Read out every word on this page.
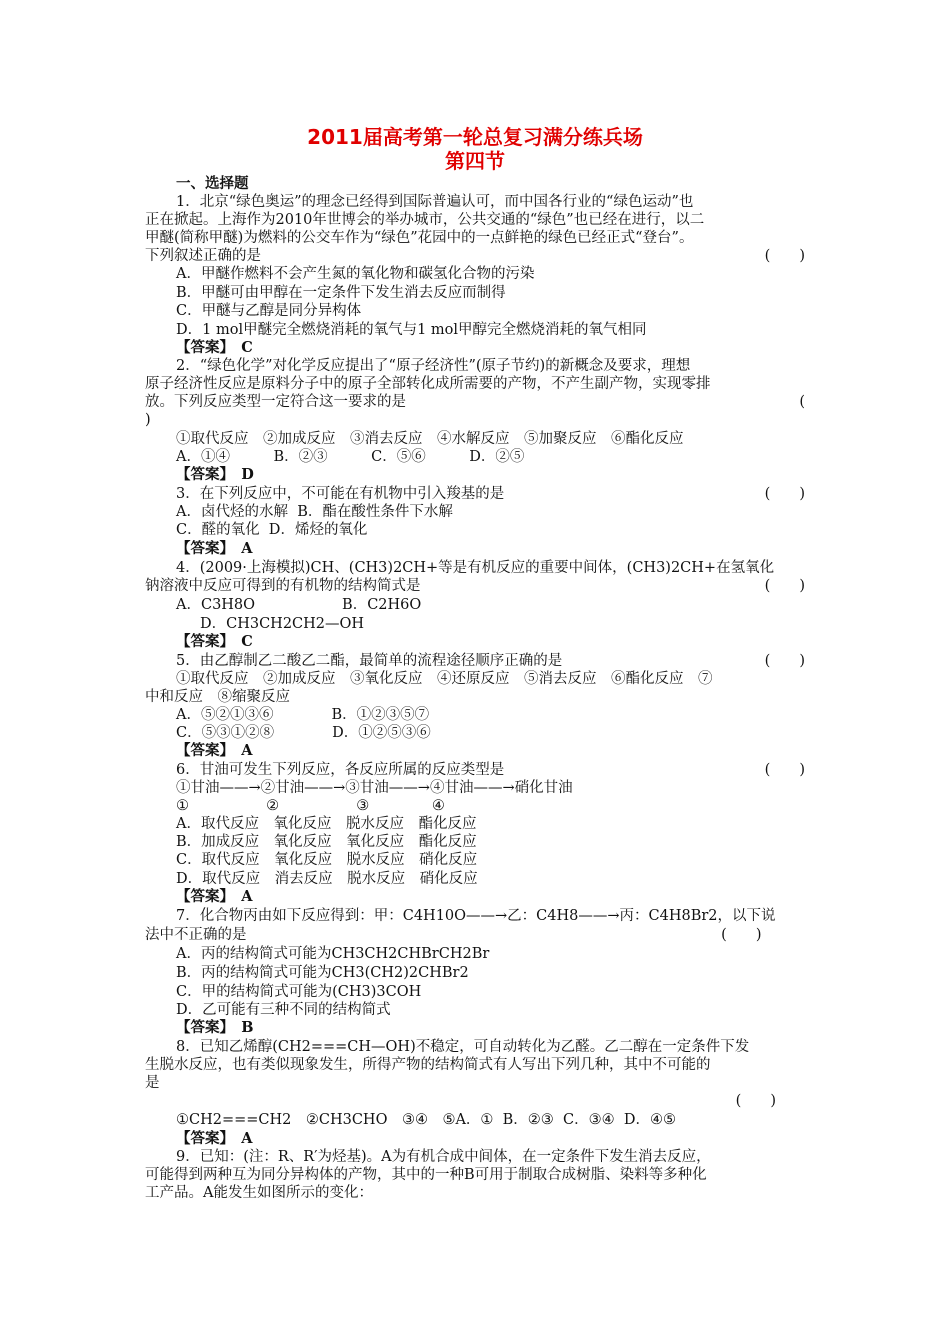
2011届高考第一轮总复习满分练兵场
第四节
一、选择题
1．北京“绿色奥运”的理念已经得到国际普遍认可，而中国各行业的“绿色运动”也
正在掀起。上海作为2010年世博会的举办城市，公共交通的“绿色”也已经在进行，以二
甲醚(简称甲醚)为燃料的公交车作为“绿色”花园中的一点鲜艳的绿色已经正式“登台”。
下列叙述正确的是	(　　)
A．甲醚作燃料不会产生氮的氧化物和碳氢化合物的污染
B．甲醚可由甲醇在一定条件下发生消去反应而制得
C．甲醚与乙醇是同分异构体
D．1 mol甲醚完全燃烧消耗的氧气与1 mol甲醇完全燃烧消耗的氧气相同
【答案】　C
2．“绿色化学”对化学反应提出了“原子经济性”(原子节约)的新概念及要求，理想
原子经济性反应是原料分子中的原子全部转化成所需要的产物，不产生副产物，实现零排
放。下列反应类型一定符合这一要求的是	(
)
①取代反应　②加成反应　③消去反应　④水解反应　⑤加聚反应　⑥酯化反应
A．①④　　　B．②③　　　C．⑤⑥　　　D．②⑤
【答案】　D
3．在下列反应中，不可能在有机物中引入羧基的是	(　　)
A．卤代烃的水解  B．酯在酸性条件下水解
C．醛的氧化  D．烯烃的氧化
【答案】　A
4．(2009·上海模拟)CH、(CH3)2CH+等是有机反应的重要中间体，(CH3)2CH+在氢氧化
钠溶液中反应可得到的有机物的结构简式是	(　　)
A．C3H8O　　　　　　B．C2H6O
D．CH3CH2CH2—OH
【答案】　C
5．由乙醇制乙二酸乙二酯，最简单的流程途径顺序正确的是	(　　)
①取代反应　②加成反应　③氧化反应　④还原反应　⑤消去反应　⑥酯化反应　⑦
中和反应　⑧缩聚反应
A．⑤②①③⑥　　　　B．①②③⑤⑦
C．⑤③①②⑧　　　　D．①②⑤③⑥
【答案】　A
6．甘油可发生下列反应，各反应所属的反应类型是	(　　)
①甘油——→②甘油——→③甘油——→④甘油——→硝化甘油
①　　　　　 ②　　　　　 ③　　　　 ④
A．取代反应　氧化反应　脱水反应　酯化反应
B．加成反应　氧化反应　氧化反应　酯化反应
C．取代反应　氧化反应　脱水反应　硝化反应
D．取代反应　消去反应　脱水反应　硝化反应
【答案】　A
7．化合物丙由如下反应得到：甲：C4H10O——→乙：C4H8——→丙：C4H8Br2，以下说
法中不正确的是	(　　)　　　
A．丙的结构简式可能为CH3CH2CHBrCH2Br
B．丙的结构简式可能为CH3(CH2)2CHBr2
C．甲的结构简式可能为(CH3)3COH
D．乙可能有三种不同的结构简式
【答案】　B
8．已知乙烯醇(CH2===CH—OH)不稳定，可自动转化为乙醛。乙二醇在一定条件下发
生脱水反应，也有类似现象发生，所得产物的结构简式有人写出下列几种，其中不可能的
是
(　　)　　
①CH2===CH2　②CH3CHO　③④　⑤A．①  B．②③  C．③④  D．④⑤
【答案】　A
9．已知：(注：R、R′为烃基)。A为有机合成中间体，在一定条件下发生消去反应，
可能得到两种互为同分异构体的产物，其中的一种B可用于制取合成树脂、染料等多种化
工产品。A能发生如图所示的变化：
